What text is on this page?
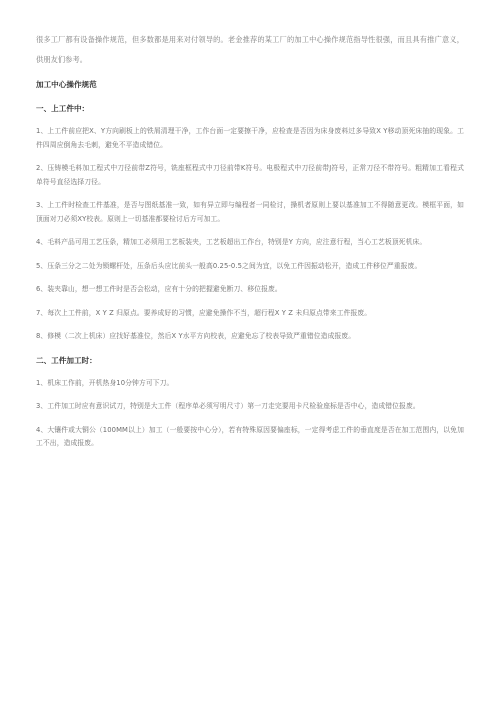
很多工厂都有设备操作规范，但多数都是用来对付领导的。老金推荐的某工厂的加工中心操作规范指导性很强，而且具有推广意义，供朋友们参考。

加工中心操作规范
一、上工件中：

1、上工件前应把X、Y方向刷板上的铁屑清理干净，工作台面一定要擦干净，应检查是否因为床身废料过多导致X Y移动顶死床抽的现象。工件四周应倒角去毛刺，避免不平造成错位。

2、压铸模毛料加工程式中刀径前带Z符号，铣座框程式中刀径前带K符号。电极程式中刀径前带J符号，正常刀径不带符号。粗精加工看程式单符号直径选择刀径。

3、上工件时检查工件基准，是否与图纸基准一致，如有异立即与编程者一同检讨，操机者原则上要以基准加工不得随意更改。模框平面，如顶面对刀必须XY校表。原则上一切基准都要检讨后方可加工。

4、毛料产品可用工艺压条，精加工必须用工艺板装夹，工艺板超出工作台，特别是Y 方向，应注意行程，当心工艺板顶死机床。

5、压条三分之二处为锁螺杆处，压条后头应比前头一般高0.25-0.5之间为宜，以免工件因振动松开，造成工件移位严重报废。

6、装夹靠山，想一想工件时是否会松动，应有十分的把握避免断刀、移位报废。

7、每次上工件前，X Y Z 归原点。要养成好的习惯，应避免操作不当，超行程X Y Z 未归原点带来工件报废。

8、修模（二次上机床）应找好基准位，然后X Y水平方向校表，应避免忘了校表导致严重错位造成报废。

二、工件加工时：

1、机床工作前，开机热身10分钟方可下刀。

3、工件加工时应有意识试刀，特别是大工件（程序单必须写明尺寸）第一刀走完要用卡尺检验座标是否中心，造成错位报废。

4、大镶件或大铜公（100MM以上）加工（一般要按中心分），若有特殊原因要偏座标，一定得考虑工件的垂直度是否在加工范围内，以免加工不出，造成报废。
